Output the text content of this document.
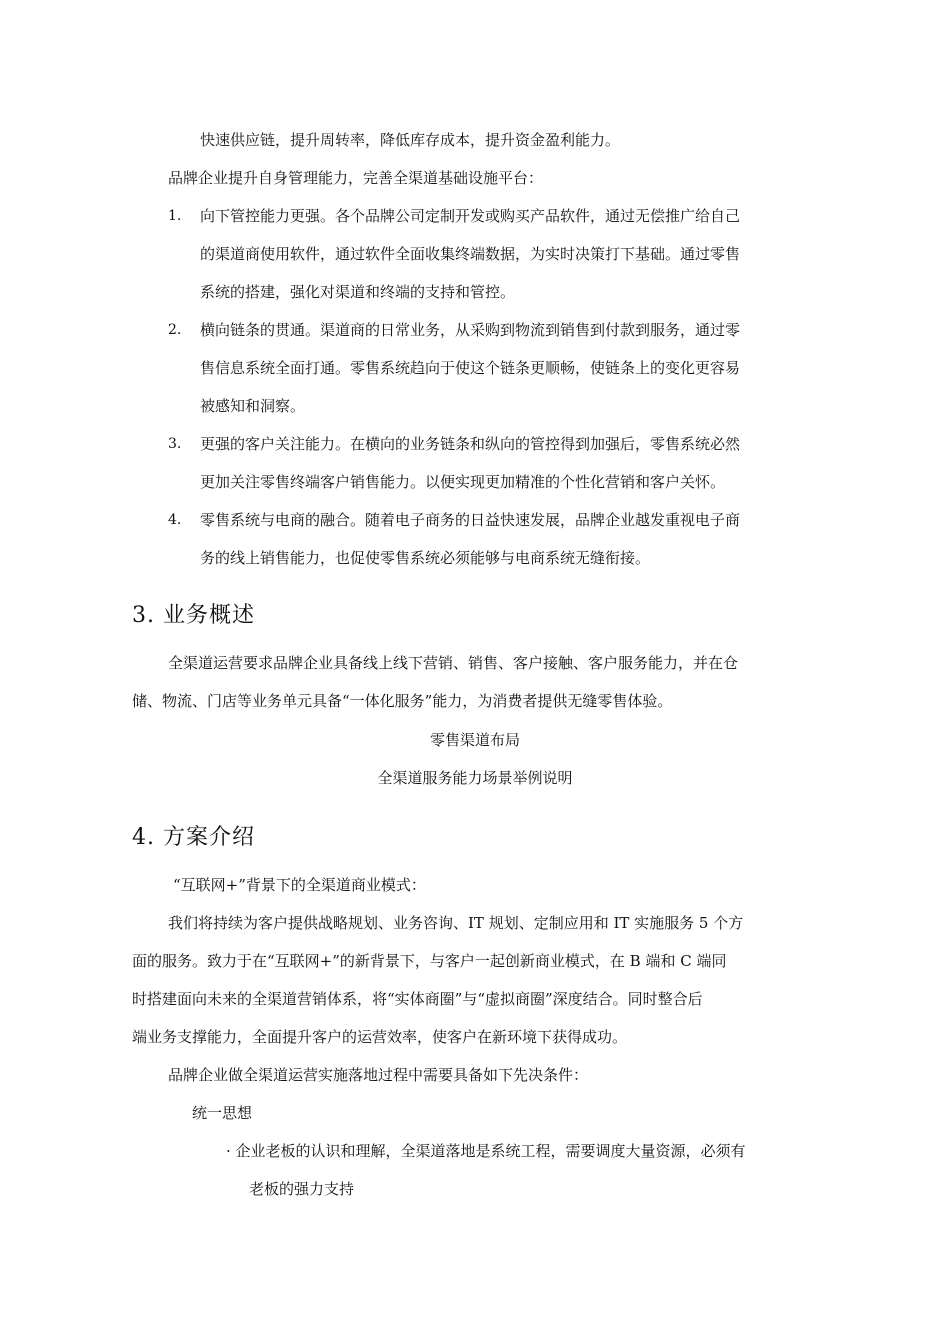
快速供应链，提升周转率，降低库存成本，提升资金盈利能力。
品牌企业提升自身管理能力，完善全渠道基础设施平台：
1. 向下管控能力更强。各个品牌公司定制开发或购买产品软件，通过无偿推广给自己
的渠道商使用软件，通过软件全面收集终端数据，为实时决策打下基础。通过零售
系统的搭建，强化对渠道和终端的支持和管控。
2. 横向链条的贯通。渠道商的日常业务，从采购到物流到销售到付款到服务，通过零
售信息系统全面打通。零售系统趋向于使这个链条更顺畅，使链条上的变化更容易
被感知和洞察。
3. 更强的客户关注能力。在横向的业务链条和纵向的管控得到加强后，零售系统必然
更加关注零售终端客户销售能力。以便实现更加精准的个性化营销和客户关怀。
4. 零售系统与电商的融合。随着电子商务的日益快速发展，品牌企业越发重视电子商
务的线上销售能力，也促使零售系统必须能够与电商系统无缝衔接。
3. 业务概述
全渠道运营要求品牌企业具备线上线下营销、销售、客户接触、客户服务能力，并在仓
储、物流、门店等业务单元具备“一体化服务”能力，为消费者提供无缝零售体验。
零售渠道布局
全渠道服务能力场景举例说明
4. 方案介绍
“互联网+”背景下的全渠道商业模式：
我们将持续为客户提供战略规划、业务咨询、IT 规划、定制应用和 IT 实施服务 5 个方
面的服务。致力于在“互联网+”的新背景下，与客户一起创新商业模式，在 B 端和 C 端同
时搭建面向未来的全渠道营销体系，将“实体商圈”与“虚拟商圈”深度结合。同时整合后
端业务支撑能力，全面提升客户的运营效率，使客户在新环境下获得成功。
品牌企业做全渠道运营实施落地过程中需要具备如下先决条件：
统一思想
· 企业老板的认识和理解，全渠道落地是系统工程，需要调度大量资源，必须有
老板的强力支持
